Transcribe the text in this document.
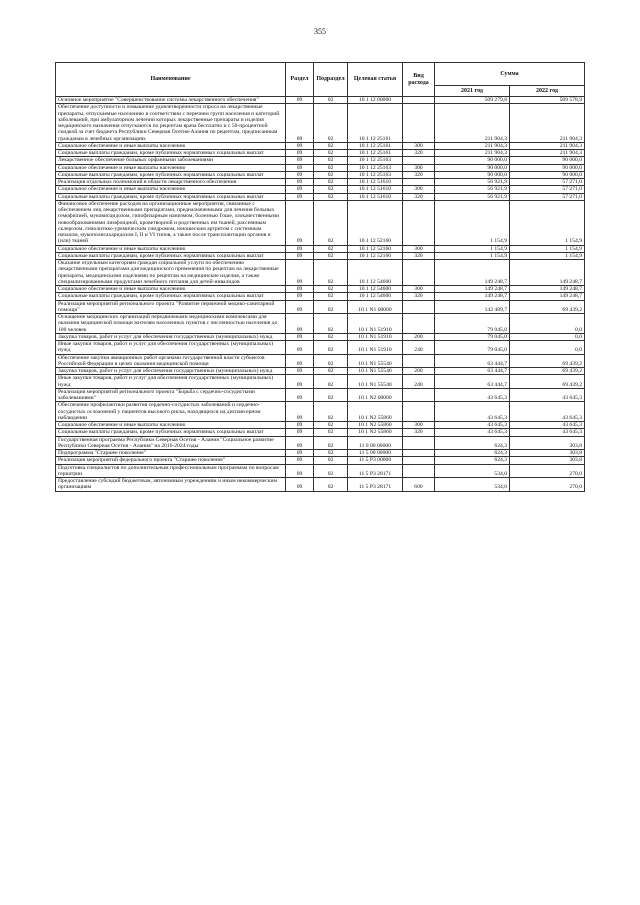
355
Наименование	Раздел	Подраздел	Целевая статья	Вид расхода	Сумма	
					2021 год	2022 год
Основное мероприятие "Совершенствование системы лекарственного обеспечения"	09	02	10 1 12 00000		509 279,8	509 578,9
Обеспечение доступности и повышение удовлетворенности спроса на лекарственные препараты, отпускаемые населению в соответствии с перечнем групп населения и категорий заболеваний, при амбулаторном лечении которых лекарственные препараты и изделия медицинского назначения отпускаются по рецептам врача бесплатно и с 50-процентной скидкой за счет бюджета Республики Северная Осетия-Алания по рецептам, предписанным гражданам в лечебных организациях	09	02	10 1 12 25161		211 904,3	211 904,3
Социальное обеспечение и иные выплаты населению	09	02	10 1 12 25161	300	211 904,3	211 904,3
Социальные выплаты гражданам, кроме публичных нормативных социальных выплат	09	02	10 1 12 25161	320	211 904,3	211 904,3
Лекарственное обеспечение больных орфанными заболеваниями	09	02	10 1 12 25163		90 000,0	90 000,0
Социальное обеспечение и иные выплаты населению	09	02	10 1 12 25163	300	90 000,0	90 000,0
Социальные выплаты гражданам, кроме публичных нормативных социальных выплат	09	02	10 1 12 25163	320	90 000,0	90 000,0
Реализация отдельных полномочий в области лекарственного обеспечения	09	02	10 1 12 51610		56 921,9	57 271,0
Социальное обеспечение и иные выплаты населению	09	02	10 1 12 51610	300	56 921,9	57 271,0
Социальные выплаты гражданам, кроме публичных нормативных социальных выплат	09	02	10 1 12 51610	320	56 921,9	57 271,0
Финансовое обеспечение расходов на организационные мероприятия, связанные с обеспечением лиц лекарственными препаратами, предназначенными для лечения больных гемофилией, муковисцидозом, гипофизарным нанизмом, болезнью Гоше, злокачественными новообразованиями лимфоидной, кроветворной и родственных им тканей, рассеянным склерозом, гемолитико-уремическим синдромом, юношеским артритом с системным началом, мукополисахаридозом I, II и VI типов, а также после трансплантации органов и (или) тканей	09	02	10 1 12 52160		1 154,9	1 154,9
Социальное обеспечение и иные выплаты населению	09	02	10 1 12 52160	300	1 154,9	1 154,9
Социальные выплаты гражданам, кроме публичных нормативных социальных выплат	09	02	10 1 12 52160	320	1 154,9	1 154,9
Оказание отдельным категориям граждан социальной услуги по обеспечению лекарственными препаратами для медицинского применения по рецептам на лекарственные препараты, медицинскими изделиями по рецептам на медицинские изделия, а также специализированными продуктами лечебного питания для детей-инвалидов	09	02	10 1 12 54600		149 248,7	149 248,7
Социальное обеспечение и иные выплаты населению	09	02	10 1 12 54600	300	149 248,7	149 248,7
Социальные выплаты гражданам, кроме публичных нормативных социальных выплат	09	02	10 1 12 54600	320	149 248,7	149 248,7
Реализация мероприятий регионального проекта "Развитие первичной медико-санитарной помощи"	09	02	10 1 N1 00000		142 489,7	69 439,2
Оснащение медицинских организаций передвижными медицинскими комплексами для оказания медицинской помощи жителям населенных пунктов с численностью населения до 100 человек	09	02	10 1 N1 51910		79 045,0	0,0
Закупка товаров, работ и услуг для обеспечения государственных (муниципальных) нужд	09	02	10 1 N1 51910	200	79 045,0	0,0
Иные закупки товаров, работ и услуг для обеспечения государственных (муниципальных) нужд	09	02	10 1 N1 51910	240	79 045,0	0,0
Обеспечение закупки авиационных работ органами государственной власти субъектов Российской Федерации в целях оказания медицинской помощи	09	02	10 1 N1 55540		63 444,7	69 439,2
Закупка товаров, работ и услуг для обеспечения государственных (муниципальных) нужд	09	02	10 1 N1 55540	200	63 444,7	69 439,2
Иные закупки товаров, работ и услуг для обеспечения государственных (муниципальных) нужд	09	02	10 1 N1 55540	240	63 444,7	69 439,2
Реализация мероприятий регионального проекта "Борьба с сердечно-сосудистыми заболеваниями"	09	02	10 1 N2 00000		43 645,3	43 645,3
Обеспечение профилактики развития сердечно-сосудистых заболеваний и сердечно-сосудистых осложнений у пациентов высокого риска, находящихся на диспансерном наблюдении	09	02	10 1 N2 55860		43 645,3	43 645,3
Социальное обеспечение и иные выплаты населению	09	02	10 1 N2 55860	300	43 645,3	43 645,3
Социальные выплаты гражданам, кроме публичных нормативных социальных выплат	09	02	10 1 N2 55860	320	43 645,3	43 645,3
Государственная программа Республики Северная Осетия - Алания "Социальное развитие Республики Северная Осетия - Алания" на 2016-2024 годы	09	02	11 0 00 00000		624,3	303,8
Подпрограмма "Старшее поколение"	09	02	11 5 00 00000		624,3	303,8
Реализация мероприятий федерального проекта "Старшее поколение"	09	02	11 5 P3 00000		624,3	303,8
Подготовка специалистов по дополнительным профессиональным программам по вопросам гериатрии	09	02	11 5 P3 28171		534,0	270,0
Предоставление субсидий бюджетным, автономным учреждениям и иным некоммерческим организациям	09	02	11 5 P3 28171	600	534,0	270,0
